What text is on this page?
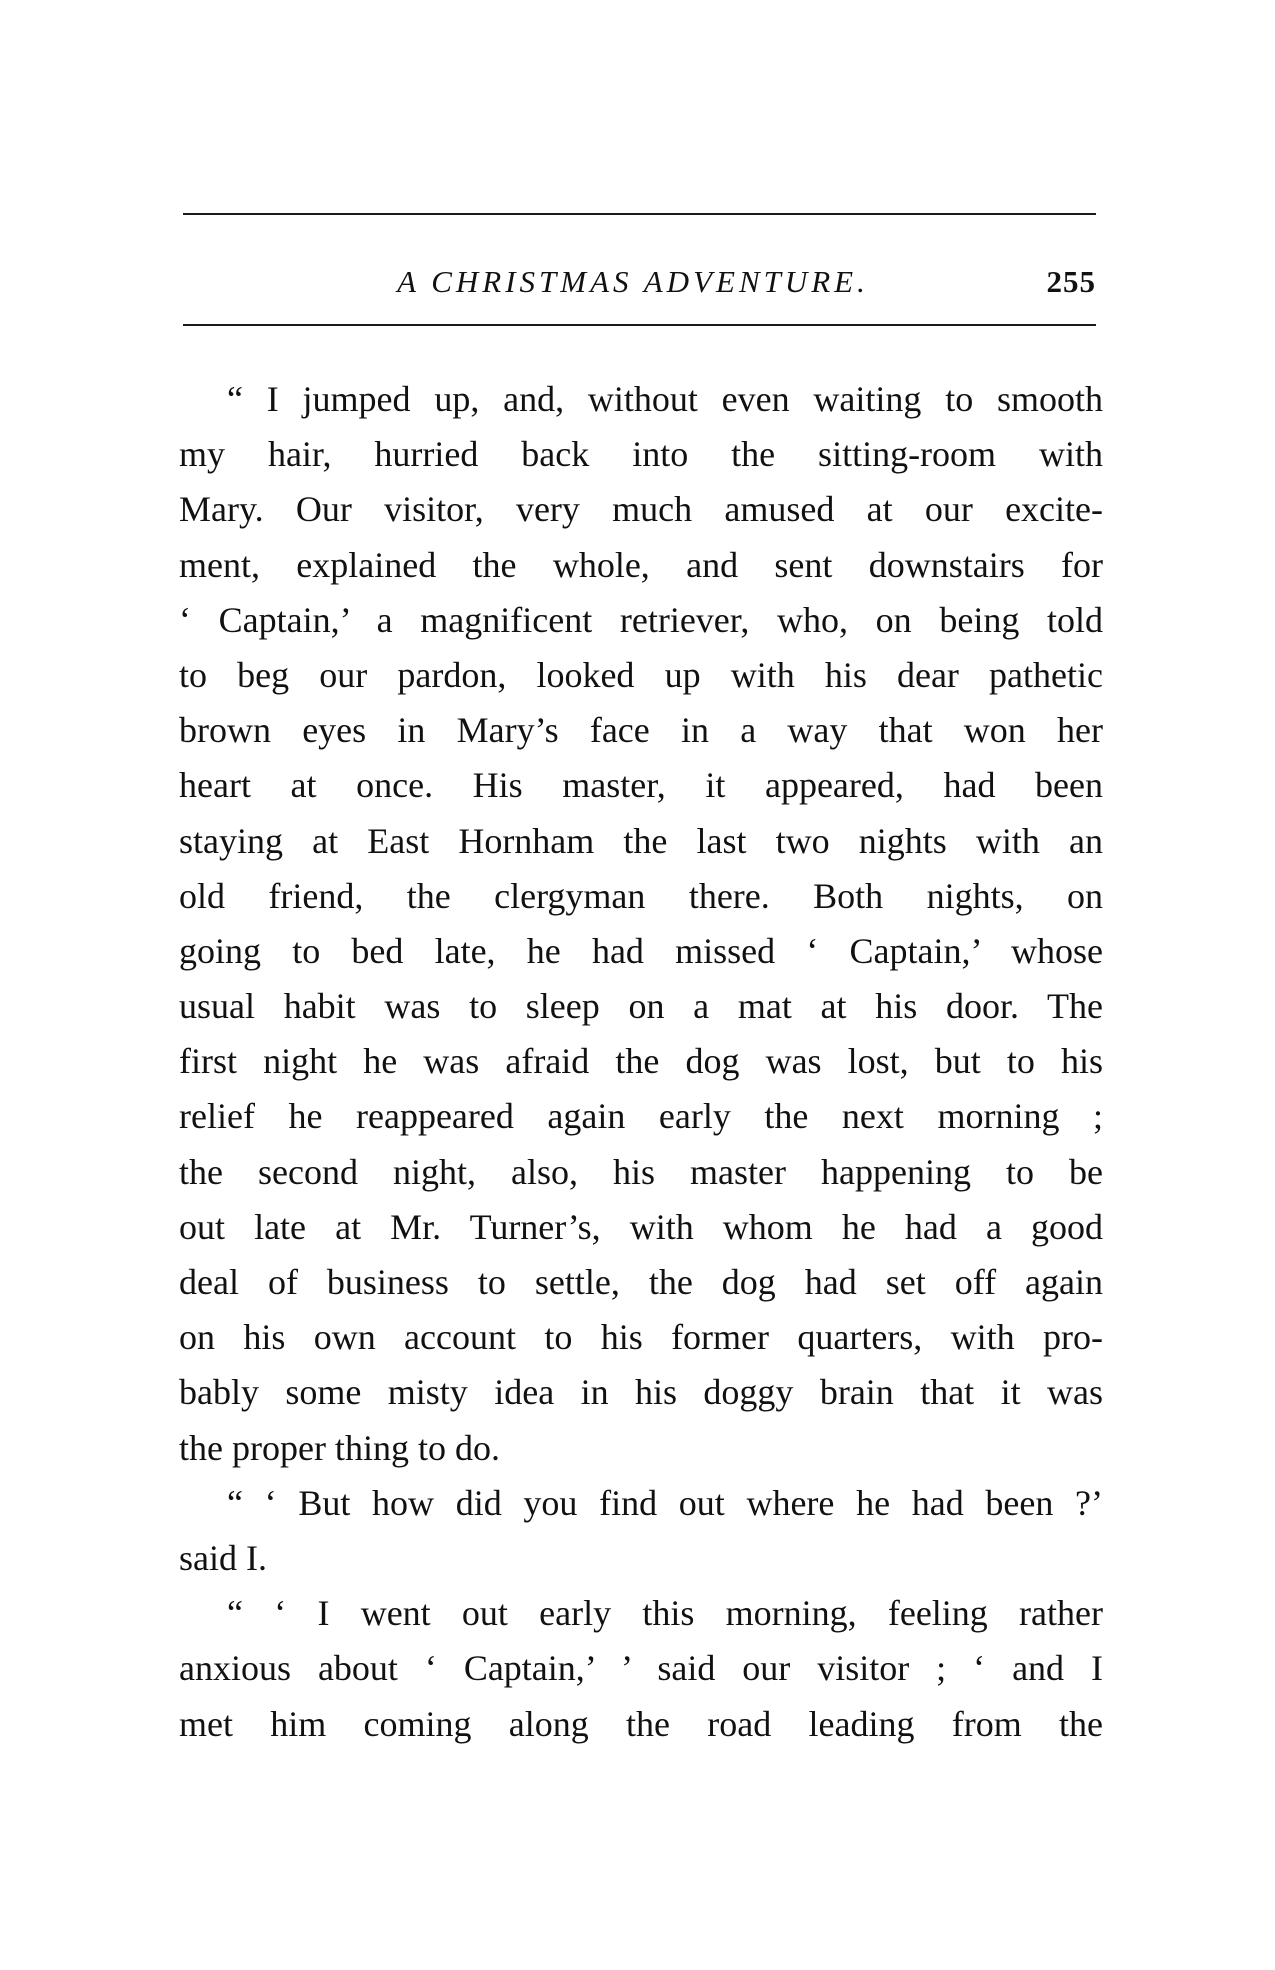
A CHRISTMAS ADVENTURE.	255
“ I jumped up, and, without even waiting to smooth
my hair, hurried back into the sitting-room with
Mary. Our visitor, very much amused at our excite-
ment, explained the whole, and sent downstairs for
‘ Captain,’ a magnificent retriever, who, on being told
to beg our pardon, looked up with his dear pathetic
brown eyes in Mary’s face in a way that won her
heart at once. His master, it appeared, had been
staying at East Hornham the last two nights with an
old friend, the clergyman there. Both nights, on
going to bed late, he had missed ‘ Captain,’ whose
usual habit was to sleep on a mat at his door. The
first night he was afraid the dog was lost, but to his
relief he reappeared again early the next morning ;
the second night, also, his master happening to be
out late at Mr. Turner’s, with whom he had a good
deal of business to settle, the dog had set off again
on his own account to his former quarters, with pro-
bably some misty idea in his doggy brain that it was
the proper thing to do.
“ ‘ But how did you find out where he had been ?’
said I.
“ ‘ I went out early this morning, feeling rather
anxious about ‘ Captain,’ ’ said our visitor ; ‘ and I
met him coming along the road leading from the
